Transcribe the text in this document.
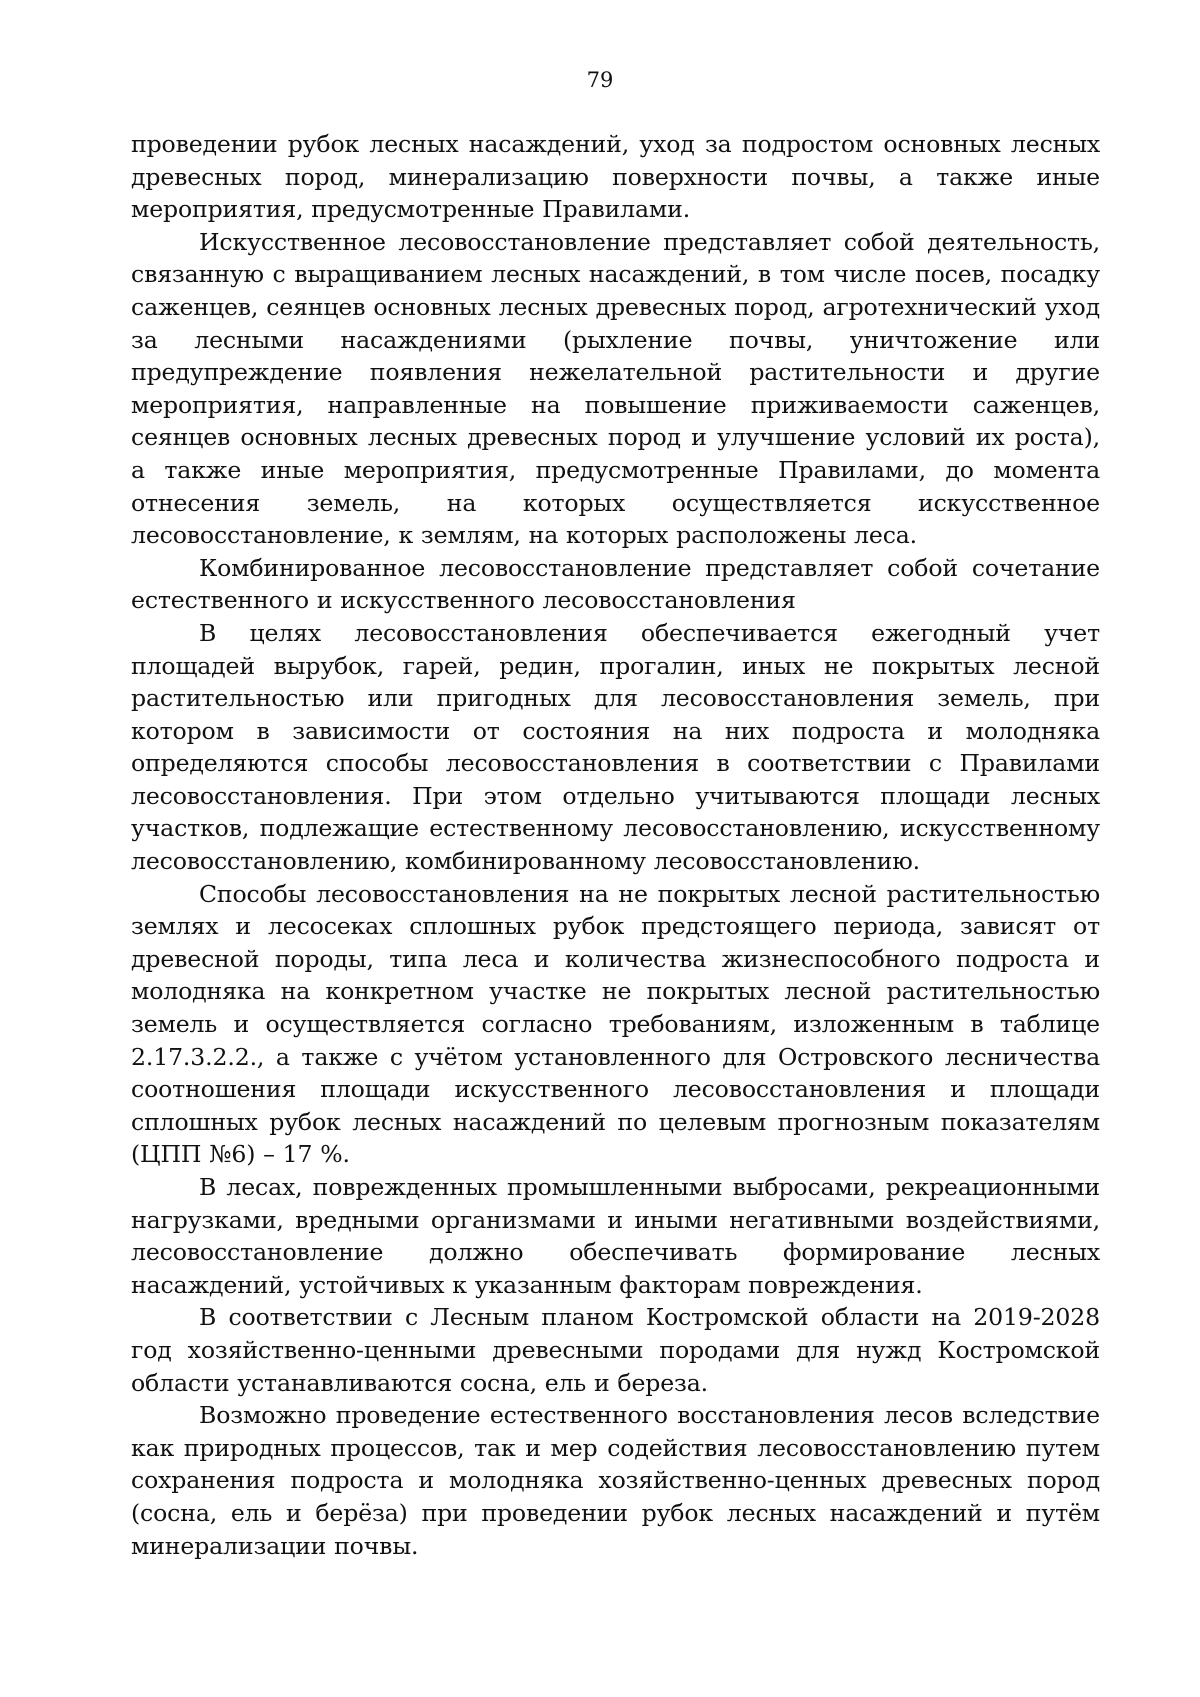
79

проведении рубок лесных насаждений, уход за подростом основных лесных древесных пород, минерализацию поверхности почвы, а также иные мероприятия, предусмотренные Правилами.

Искусственное лесовосстановление представляет собой деятельность, связанную с выращиванием лесных насаждений, в том числе посев, посадку саженцев, сеянцев основных лесных древесных пород, агротехнический уход за лесными насаждениями (рыхление почвы, уничтожение или предупреждение появления нежелательной растительности и другие мероприятия, направленные на повышение приживаемости саженцев, сеянцев основных лесных древесных пород и улучшение условий их роста), а также иные мероприятия, предусмотренные Правилами, до момента отнесения земель, на которых осуществляется искусственное лесовосстановление, к землям, на которых расположены леса.

Комбинированное лесовосстановление представляет собой сочетание естественного и искусственного лесовосстановления

В целях лесовосстановления обеспечивается ежегодный учет площадей вырубок, гарей, редин, прогалин, иных не покрытых лесной растительностью или пригодных для лесовосстановления земель, при котором в зависимости от состояния на них подроста и молодняка определяются способы лесовосстановления в соответствии с Правилами лесовосстановления. При этом отдельно учитываются площади лесных участков, подлежащие естественному лесовосстановлению, искусственному лесовосстановлению, комбинированному лесовосстановлению.

Способы лесовосстановления на не покрытых лесной растительностью землях и лесосеках сплошных рубок предстоящего периода, зависят от древесной породы, типа леса и количества жизнеспособного подроста и молодняка на конкретном участке не покрытых лесной растительностью земель и осуществляется согласно требованиям, изложенным в таблице 2.17.3.2.2., а также с учётом установленного для Островского лесничества соотношения площади искусственного лесовосстановления и площади сплошных рубок лесных насаждений по целевым прогнозным показателям (ЦПП №6) – 17 %.

В лесах, поврежденных промышленными выбросами, рекреационными нагрузками, вредными организмами и иными негативными воздействиями, лесовосстановление должно обеспечивать формирование лесных насаждений, устойчивых к указанным факторам повреждения.

В соответствии с Лесным планом Костромской области на 2019-2028 год хозяйственно-ценными древесными породами для нужд Костромской области устанавливаются сосна, ель и береза.

Возможно проведение естественного восстановления лесов вследствие как природных процессов, так и мер содействия лесовосстановлению путем сохранения подроста и молодняка хозяйственно-ценных древесных пород (сосна, ель и берёза) при проведении рубок лесных насаждений и путём минерализации почвы.
